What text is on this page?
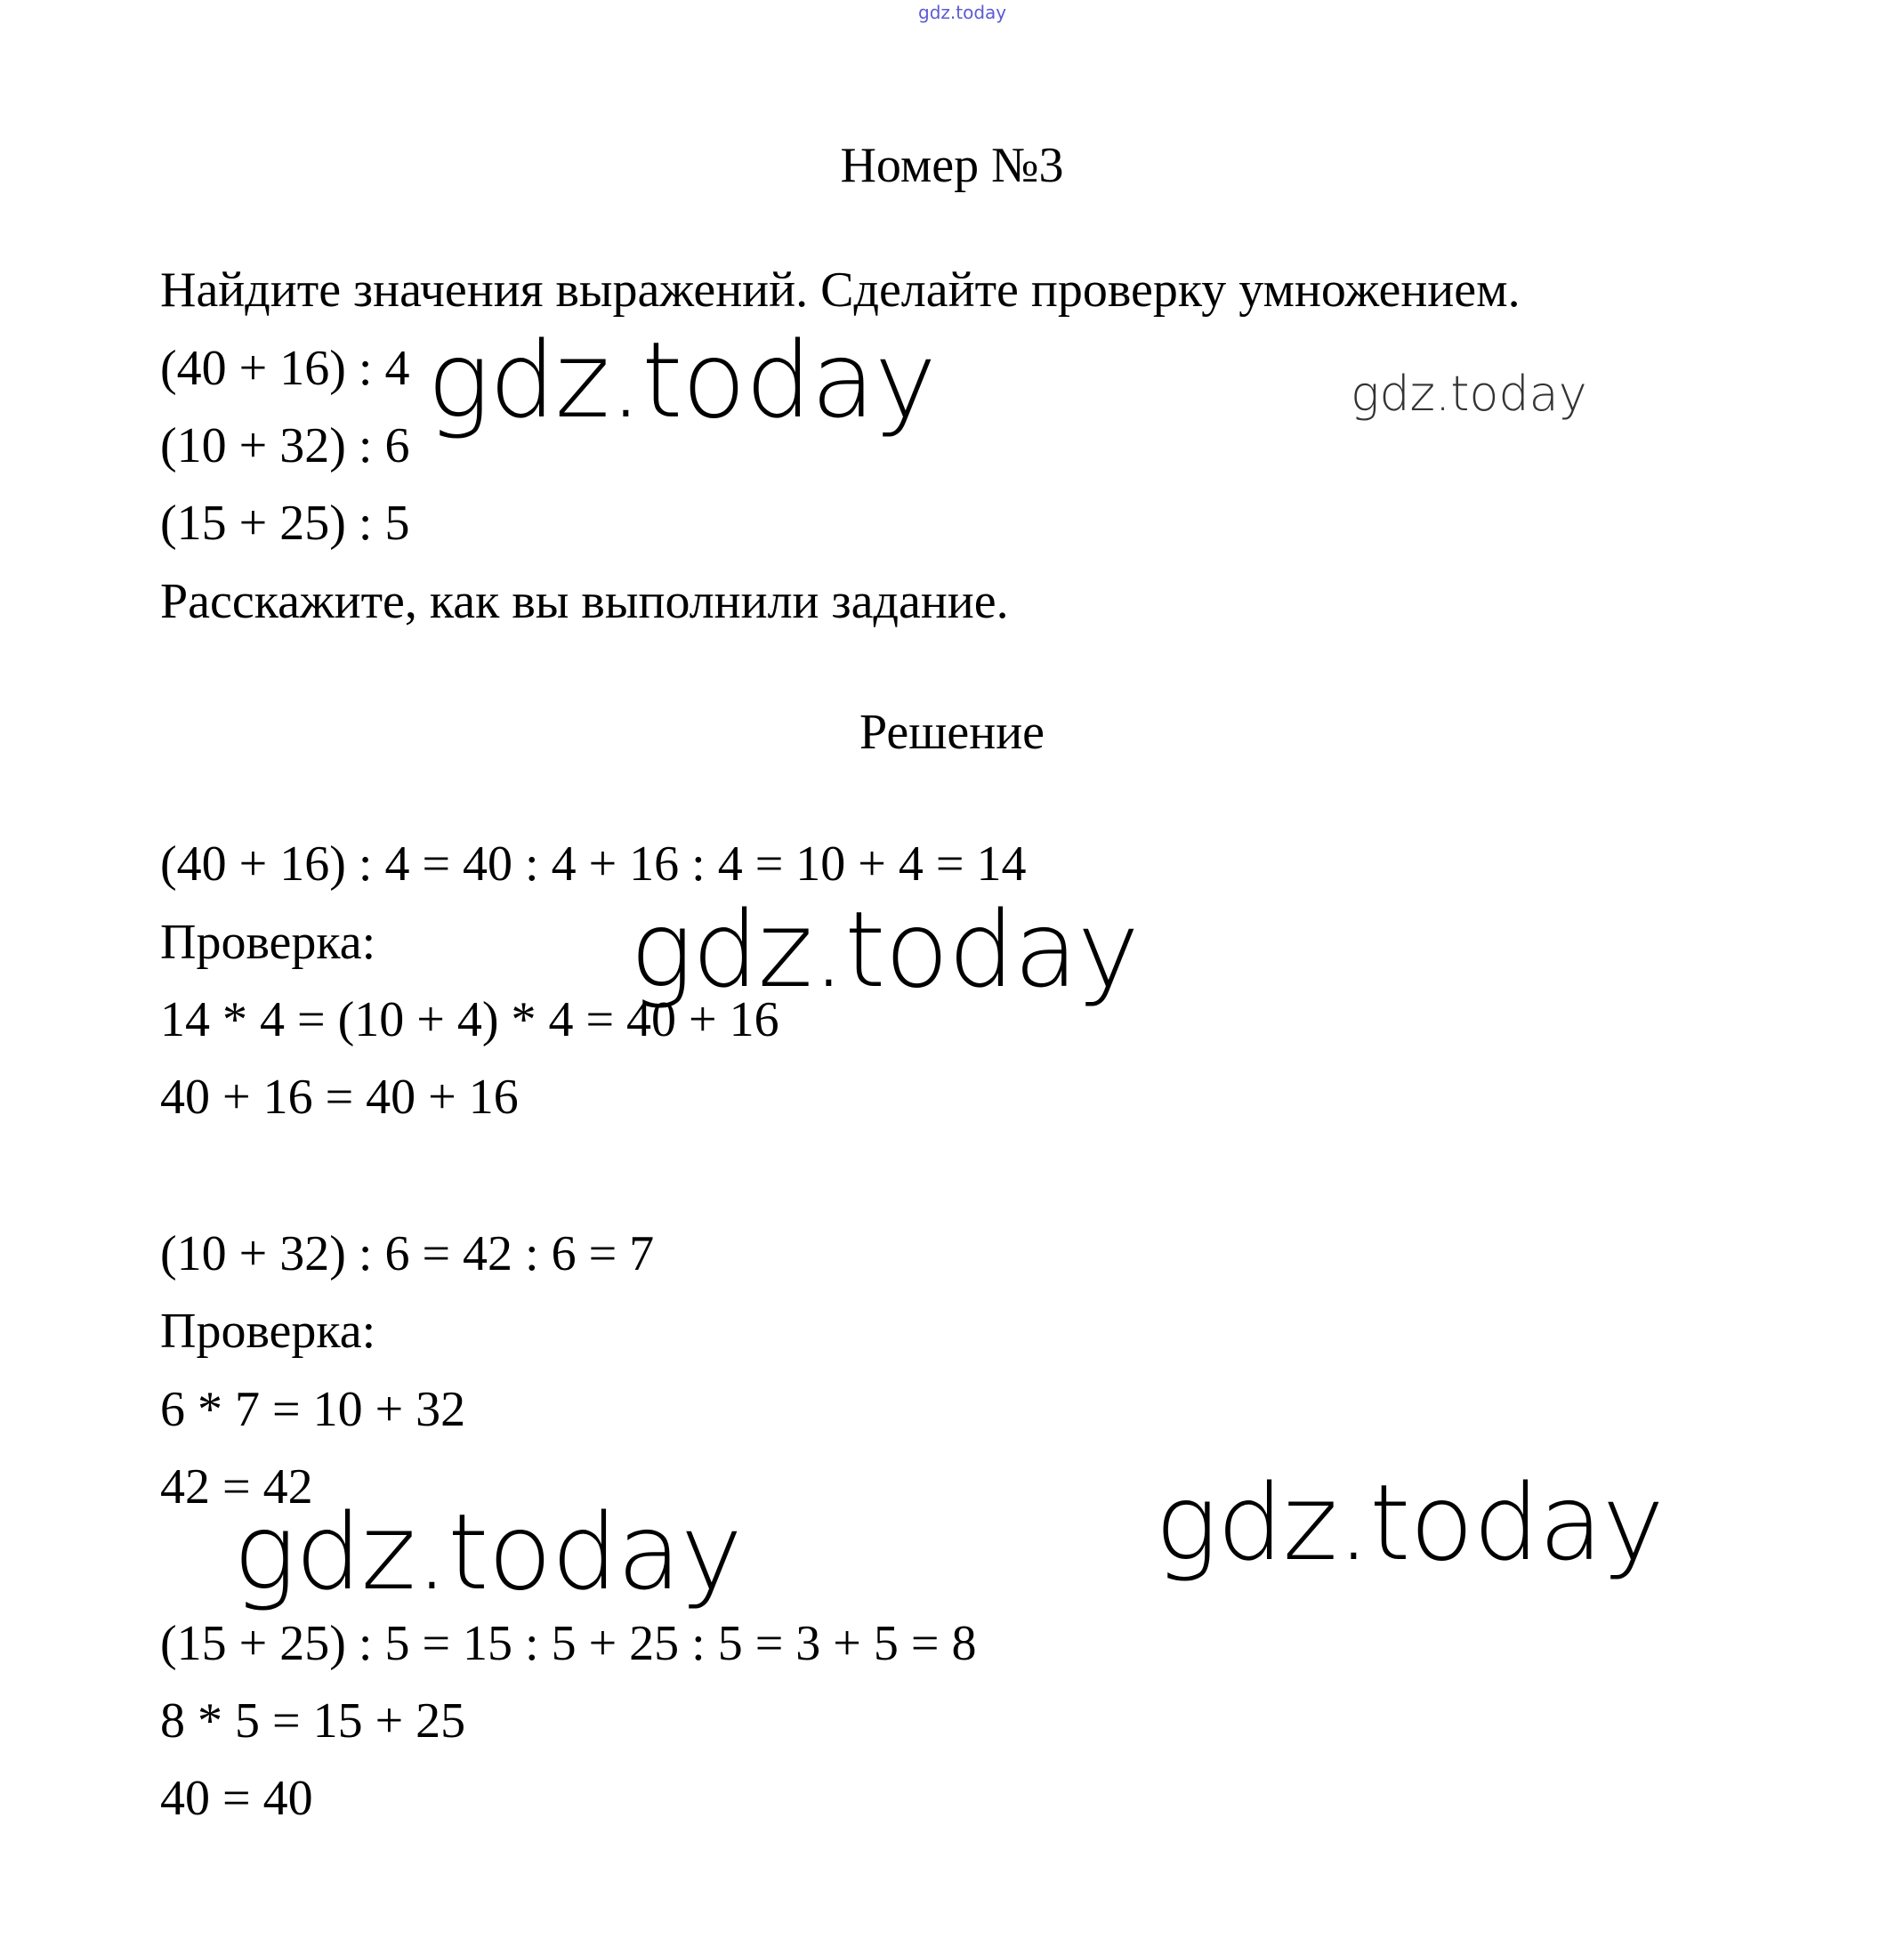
gdz.today
Номер №3
Найдите значения выражений. Сделайте проверку умножением.
(40 + 16) : 4
(10 + 32) : 6
(15 + 25) : 5
Расскажите, как вы выполнили задание.
Решение
(40 + 16) : 4 = 40 : 4 + 16 : 4 = 10 + 4 = 14
Проверка:
14 * 4 = (10 + 4) * 4 = 40 + 16
40 + 16 = 40 + 16
(10 + 32) : 6 = 42 : 6 = 7
Проверка:
6 * 7 = 10 + 32
42 = 42
(15 + 25) : 5 = 15 : 5 + 25 : 5 = 3 + 5 = 8
8 * 5 = 15 + 25
40 = 40
gdz.today	gdz.today
gdz.today
gdz.today
gdz.today
